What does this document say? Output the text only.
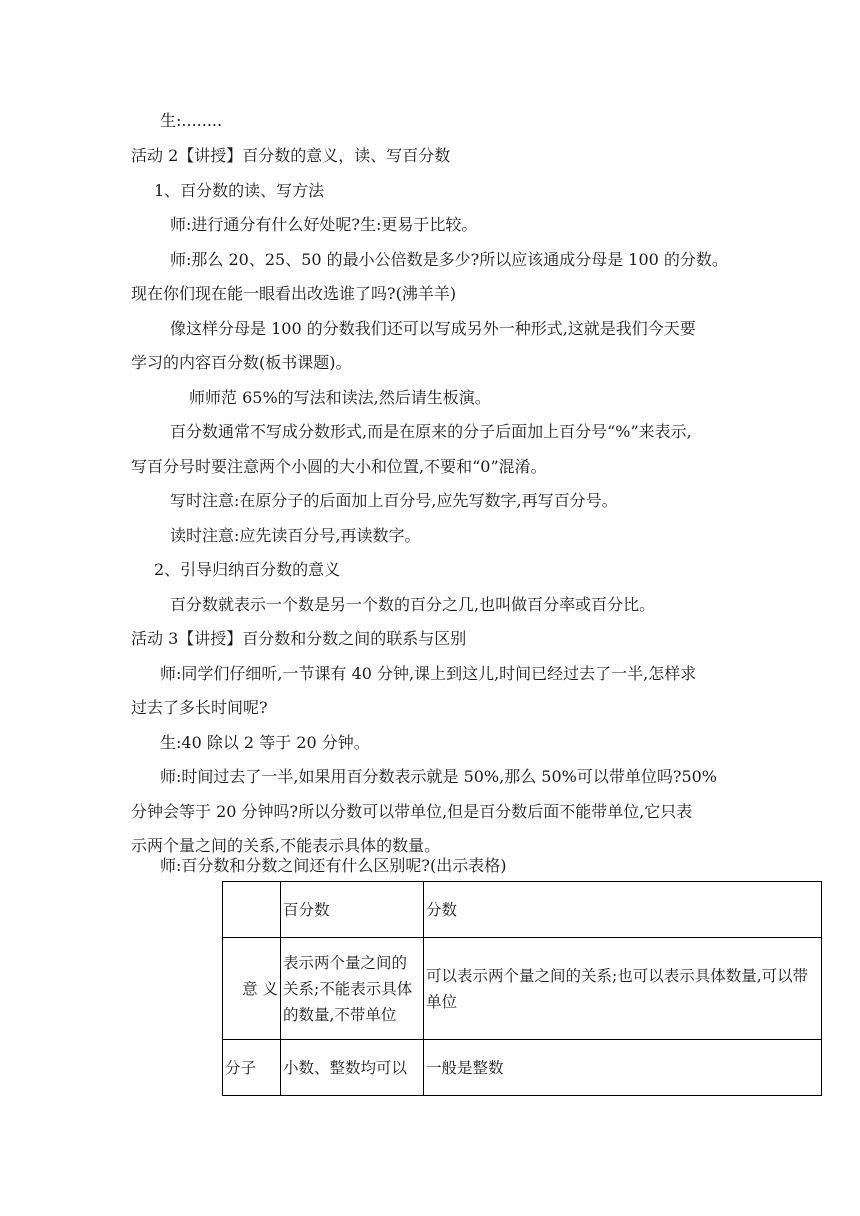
生:........
活动 2【讲授】百分数的意义，读、写百分数
1、百分数的读、写方法
师:进行通分有什么好处呢?生:更易于比较。
师:那么 20、25、50 的最小公倍数是多少?所以应该通成分母是 100 的分数。
现在你们现在能一眼看出改选谁了吗?(沸羊羊)
像这样分母是 100 的分数我们还可以写成另外一种形式,这就是我们今天要
学习的内容百分数(板书课题)。
师师范 65%的写法和读法,然后请生板演。
百分数通常不写成分数形式,而是在原来的分子后面加上百分号“%”来表示,
写百分号时要注意两个小圆的大小和位置,不要和“0”混淆。
写时注意:在原分子的后面加上百分号,应先写数字,再写百分号。
读时注意:应先读百分号,再读数字。
2、引导归纳百分数的意义
百分数就表示一个数是另一个数的百分之几,也叫做百分率或百分比。
活动 3【讲授】百分数和分数之间的联系与区别
师:同学们仔细听,一节课有 40 分钟,课上到这儿,时间已经过去了一半,怎样求
过去了多长时间呢?
生:40 除以 2 等于 20 分钟。
师:时间过去了一半,如果用百分数表示就是 50%,那么 50%可以带单位吗?50%
分钟会等于 20 分钟吗?所以分数可以带单位,但是百分数后面不能带单位,它只表
示两个量之间的关系,不能表示具体的数量。
师:百分数和分数之间还有什么区别呢?(出示表格)
	百分数	分数
意 义	表示两个量之间的关系;不能表示具体的数量,不带单位	可以表示两个量之间的关系;也可以表示具体数量,可以带单位
分子	小数、整数均可以	一般是整数
